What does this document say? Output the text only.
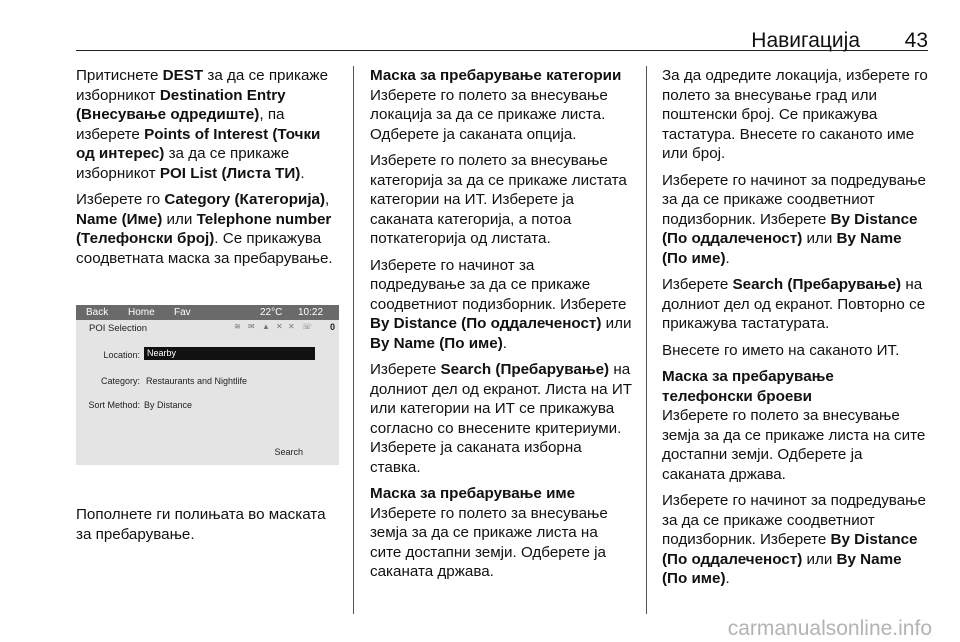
Навигација 43

Притиснете DEST за да се прикаже изборникот Destination Entry (Внесување одредиште), па изберете Points of Interest (Точки од интерес) за да се прикаже изборникот POI List (Листа ТИ).

Изберете го Category (Категорија), Name (Име) или Telephone number (Телефонски број). Се прикажува соодветната маска за пребарување.

Back Home Fav	22°C 10:22
POI Selection	≋ ✉ ▲ ✕ ✕ ☏ 0
Location: Nearby
Category: Restaurants and Nightlife
Sort Method: By Distance
Search

Пополнете ги полињата во маската за пребарување.

Маска за пребарување категории

Изберете го полето за внесување локација за да се прикаже листа. Одберете ја саканата опција.

Изберете го полето за внесување категорија за да се прикаже листата категории на ИТ. Изберете ја саканата категорија, а потоа поткатегорија од листата.

Изберете го начинот за подредување за да се прикаже соодветниот подизборник. Изберете By Distance (По оддалеченост) или By Name (По име).

Изберете Search (Пребарување) на долниот дел од екранот. Листа на ИТ или категории на ИТ се прикажува согласно со внесените критериуми. Изберете ја саканата изборна ставка.

Маска за пребарување име

Изберете го полето за внесување земја за да се прикаже листа на сите достапни земји. Одберете ја саканата држава.

За да одредите локација, изберете го полето за внесување град или поштенски број. Се прикажува тастатура. Внесете го саканото име или број.

Изберете го начинот за подредување за да се прикаже соодветниот подизборник. Изберете By Distance (По оддалеченост) или By Name (По име).

Изберете Search (Пребарување) на долниот дел од екранот. Повторно се прикажува тастатурата.

Внесете го името на саканото ИТ.

Маска за пребарување телефонски броеви

Изберете го полето за внесување земја за да се прикаже листа на сите достапни земји. Одберете ја саканата држава.

Изберете го начинот за подредување за да се прикаже соодветниот подизборник. Изберете By Distance (По оддалеченост) или By Name (По име).

carmanualsonline.info
